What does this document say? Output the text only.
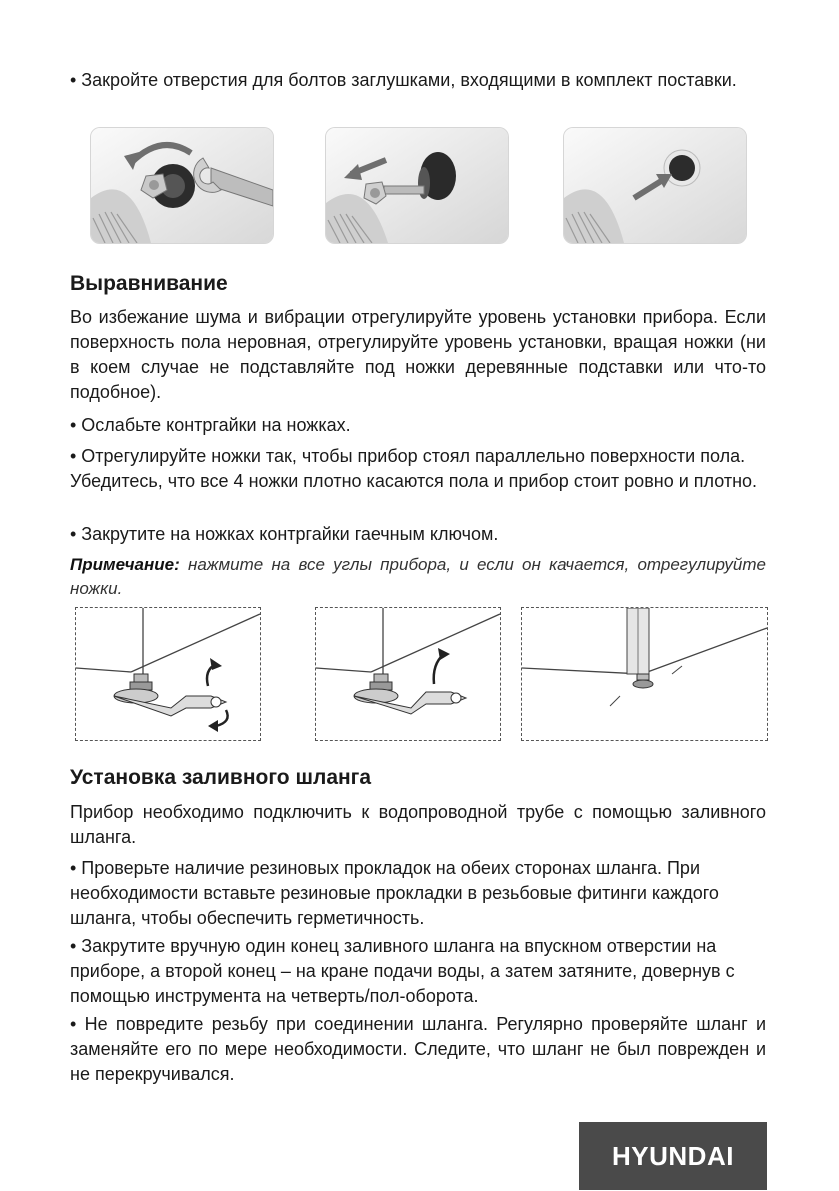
• Закройте отверстия для болтов заглушками, входящими в комплект поставки.

Выравнивание

Во избежание шума и вибрации отрегулируйте уровень установки прибора. Если поверхность пола неровная, отрегулируйте уровень установки, вращая ножки (ни в коем случае не подставляйте под ножки деревянные подставки или что-то подобное).

• Ослабьте контргайки на ножках.

• Отрегулируйте ножки так, чтобы прибор стоял параллельно поверхности пола. Убедитесь, что все 4 ножки плотно касаются пола и прибор стоит ровно и плотно.

• Закрутите на ножках контргайки гаечным ключом.

Примечание: нажмите на все углы прибора, и если он качается, отрегулируйте ножки.

Установка заливного шланга

Прибор необходимо подключить к водопроводной трубе с помощью заливного шланга.

• Проверьте наличие резиновых прокладок на обеих сторонах шланга. При необходимости вставьте резиновые прокладки в резьбовые фитинги каждого шланга, чтобы обеспечить герметичность.

• Закрутите вручную один конец заливного шланга на впускном отверстии на приборе, а второй конец – на кране подачи воды, а затем затяните, довернув с помощью инструмента на четверть/пол-оборота.

• Не повредите резьбу при соединении шланга. Регулярно проверяйте шланг и заменяйте его по мере необходимости. Следите, что шланг не был поврежден и не перекручивался.

HYUNDAI
